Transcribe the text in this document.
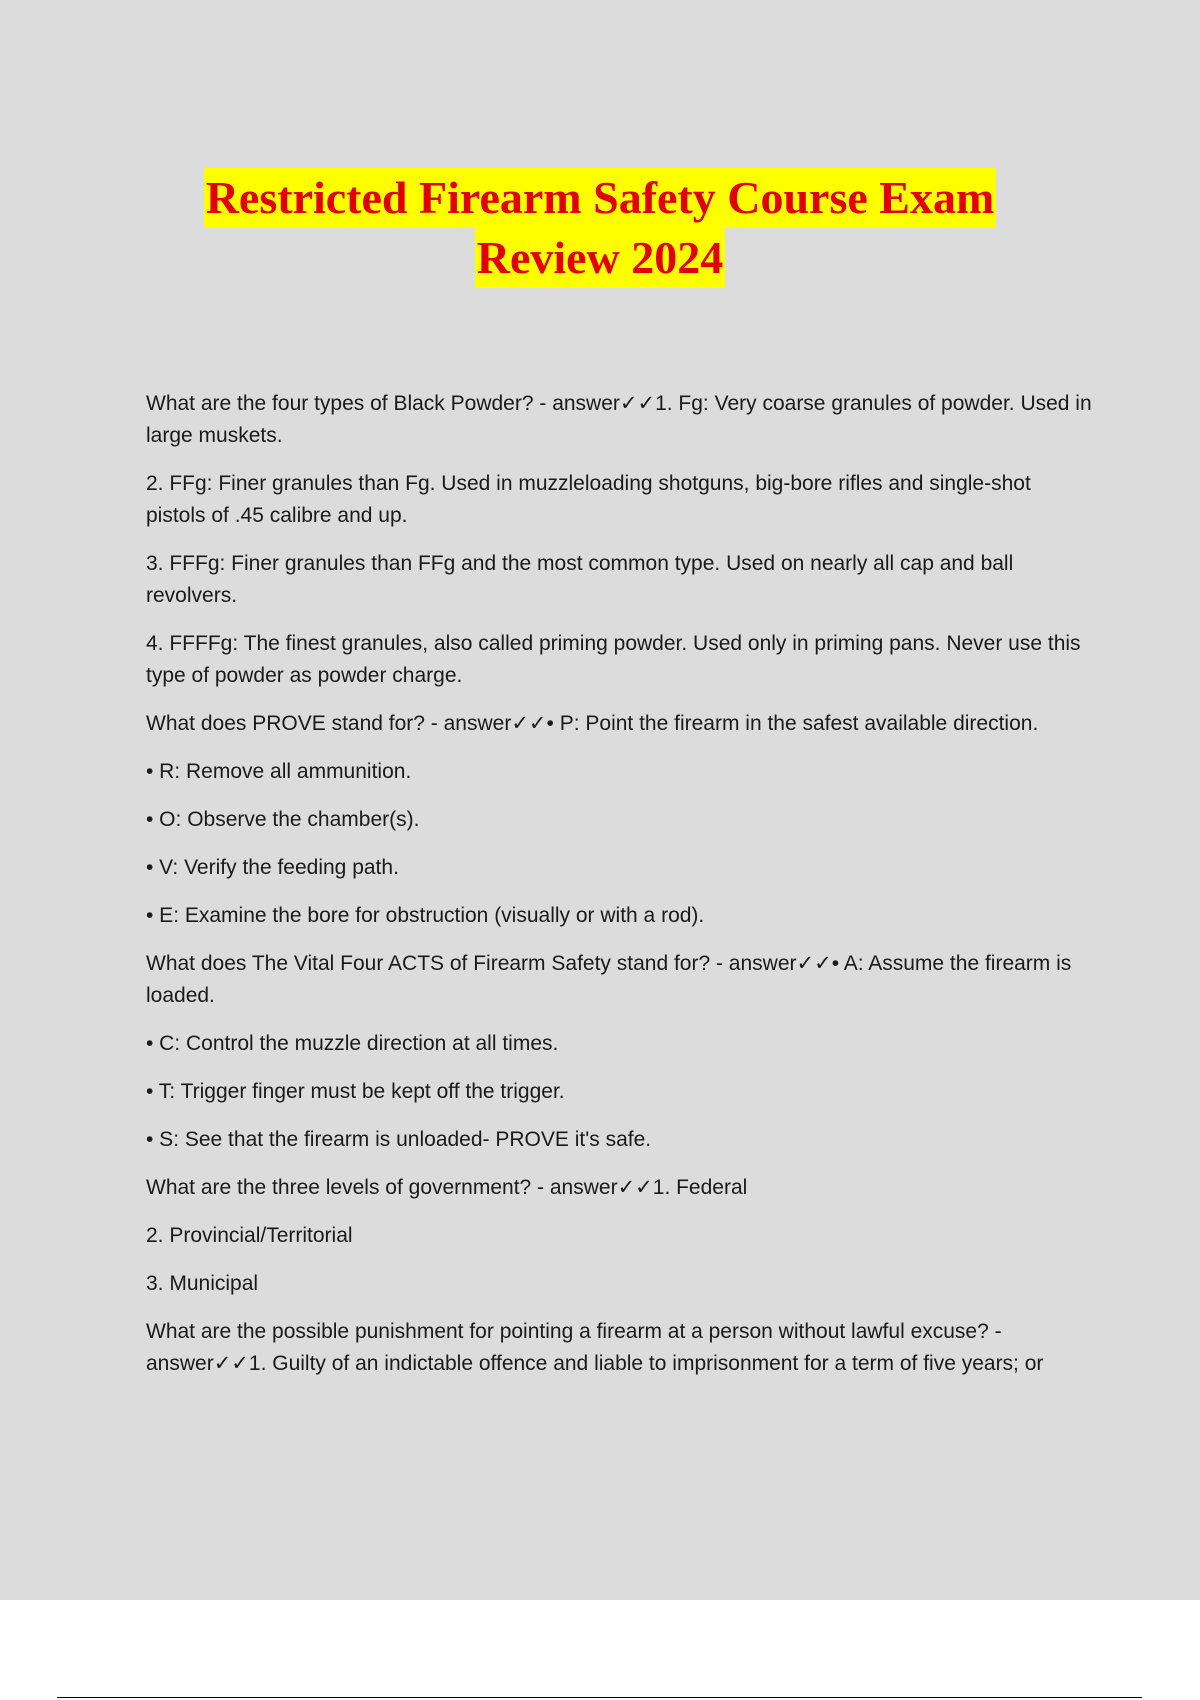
Restricted Firearm Safety Course Exam
Review 2024

What are the four types of Black Powder? - answer✓✓1. Fg: Very coarse granules of powder. Used in large muskets.

2. FFg: Finer granules than Fg. Used in muzzleloading shotguns, big-bore rifles and single-shot pistols of .45 calibre and up.

3. FFFg: Finer granules than FFg and the most common type. Used on nearly all cap and ball revolvers.

4. FFFFg: The finest granules, also called priming powder. Used only in priming pans. Never use this type of powder as powder charge.

What does PROVE stand for? - answer✓✓• P: Point the firearm in the safest available direction.

• R: Remove all ammunition.

• O: Observe the chamber(s).

• V: Verify the feeding path.

• E: Examine the bore for obstruction (visually or with a rod).

What does The Vital Four ACTS of Firearm Safety stand for? - answer✓✓• A: Assume the firearm is loaded.

• C: Control the muzzle direction at all times.

• T: Trigger finger must be kept off the trigger.

• S: See that the firearm is unloaded- PROVE it's safe.

What are the three levels of government? - answer✓✓1. Federal

2. Provincial/Territorial

3. Municipal

What are the possible punishment for pointing a firearm at a person without lawful excuse? - answer✓✓1. Guilty of an indictable offence and liable to imprisonment for a term of five years; or
